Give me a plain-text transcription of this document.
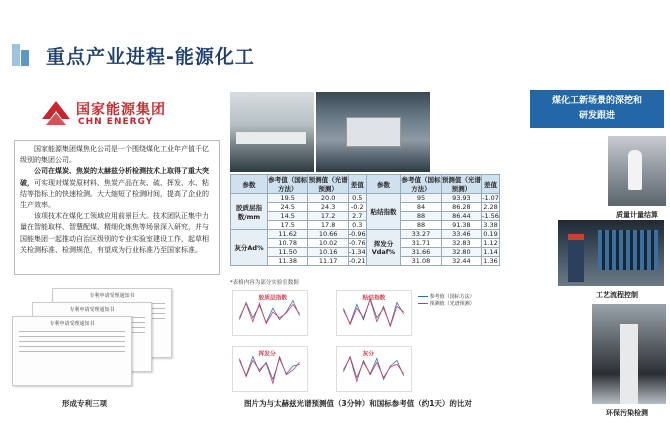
重点产业进程-能源化工
国家能源集团
CHN ENERGY

国家能源集团煤焦化公司是一个围绕煤化工业年产值千亿级别的集团公司。

公司在煤炭、焦炭的太赫兹分析检测技术上取得了重大突破，可实现对煤炭原材料、焦炭产品在灰、硫、挥发、水、粘结等指标上的快速检测。大大缩短了检测时间，提高了企业的生产效率。

该项技术在煤化工领域应用前景巨大。技术团队正集中力量在智能取样、智慧配煤、精细化炼焦等场景深入研究，并与国能集团一起推动自治区级别的专业实验室建设工作，起草相关检测标准、检测规范，有望成为行业标准乃至国家标准。

专利申请受理通知书
专利申请受理通知书
专利申请受理通知书
形成专利三项
参数	参考值（国标方法）	预测值（光谱预测）	差值	参数	参考值（国标方法）	预测值（光谱预测）	差值
胶质层指数/mm	19.5	20.0	0.5	粘结指数	95	93.93	-1.07
	24.5	24.3	-0.2		84	86.28	2.28
	14.5	17.2	2.7		88	86.44	-1.56
	17.5	17.8	0.3		88	91.38	3.38
灰分Ad%	11.62	10.66	-0.96	挥发分Vdaf%	33.27	33.46	0.19
	10.78	10.02	-0.76		31.71	32.83	1.12
	11.50	10.16	-1.34		31.66	32.80	1.14
	11.38	11.17	-0.21		31.08	32.44	1.36
*表格内容为部分实验室数据
胶质层指数	粘结指数
挥发分	灰分
参考值（国标方法）
预测值（光谱预测）
图片为与太赫兹光谱预测值（3分钟）和国标参考值（约1天）的比对
煤化工新场景的深挖和
研发跟进
质量计量结算
工艺流程控制
环保污染检测
